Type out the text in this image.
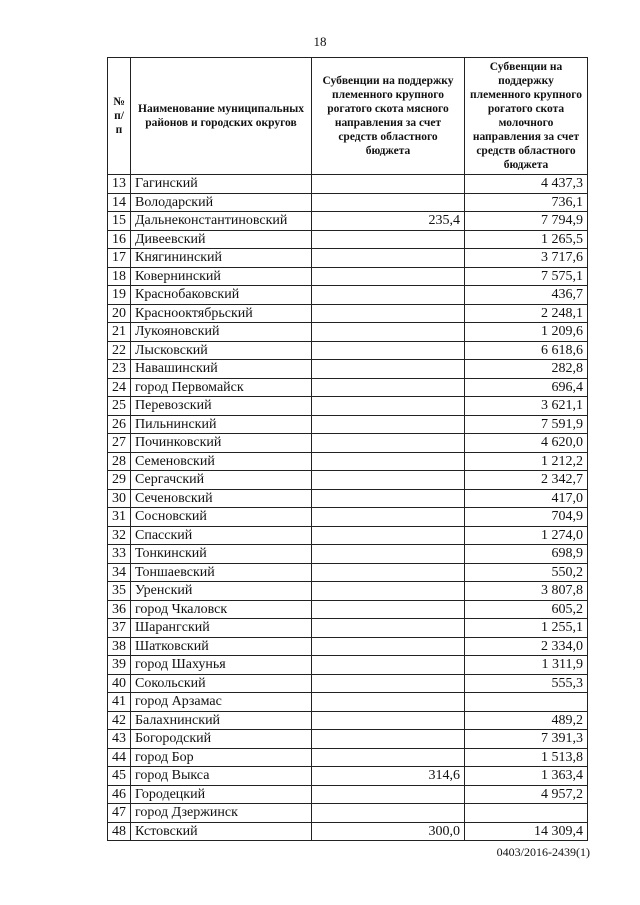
18
№ п/п	Наименование муниципальных районов и городских округов	Субвенции на поддержку племенного крупного рогатого скота мясного направления за счет средств областного бюджета	Субвенции на поддержку племенного крупного рогатого скота молочного направления за счет средств областного бюджета
13	Гагинский		4 437,3
14	Володарский		736,1
15	Дальнеконстантиновский	235,4	7 794,9
16	Дивеевский		1 265,5
17	Княгининский		3 717,6
18	Ковернинский		7 575,1
19	Краснобаковский		436,7
20	Краснооктябрьский		2 248,1
21	Лукояновский		1 209,6
22	Лысковский		6 618,6
23	Навашинский		282,8
24	город Первомайск		696,4
25	Перевозский		3 621,1
26	Пильнинский		7 591,9
27	Починковский		4 620,0
28	Семеновский		1 212,2
29	Сергачский		2 342,7
30	Сеченовский		417,0
31	Сосновский		704,9
32	Спасский		1 274,0
33	Тонкинский		698,9
34	Тоншаевский		550,2
35	Уренский		3 807,8
36	город Чкаловск		605,2
37	Шарангский		1 255,1
38	Шатковский		2 334,0
39	город Шахунья		1 311,9
40	Сокольский		555,3
41	город Арзамас		
42	Балахнинский		489,2
43	Богородский		7 391,3
44	город Бор		1 513,8
45	город Выкса	314,6	1 363,4
46	Городецкий		4 957,2
47	город Дзержинск		
48	Кстовский	300,0	14 309,4
0403/2016-2439(1)
